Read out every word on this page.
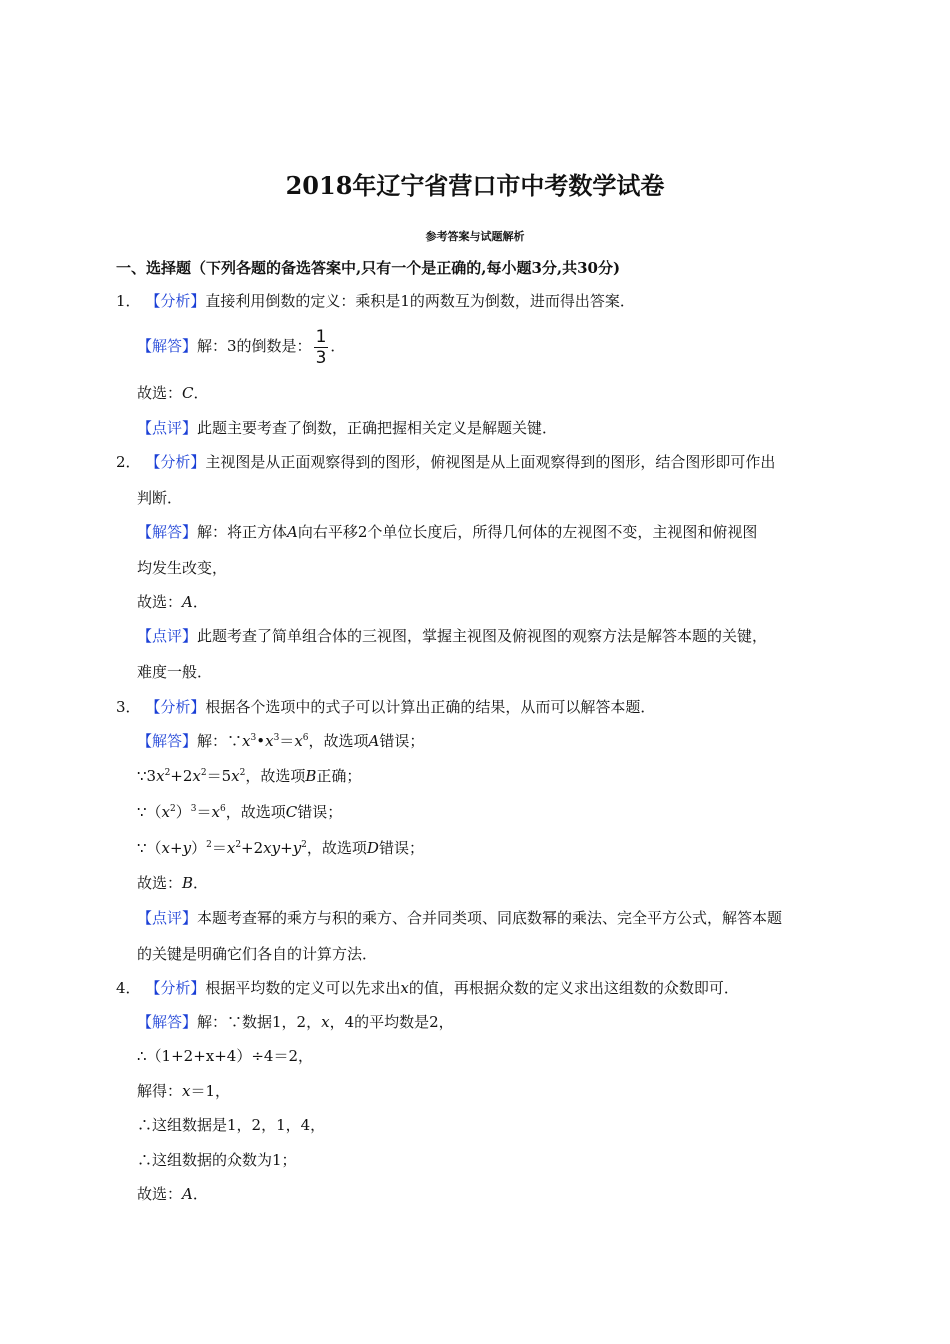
2018年辽宁省营口市中考数学试卷
参考答案与试题解析
一、选择题（下列各题的备选答案中,只有一个是正确的,每小题3分,共30分)
1． 【分析】直接利用倒数的定义：乘积是1的两数互为倒数，进而得出答案．
【解答】解：3的倒数是： $\frac{1}{3}$ ．
故选：C．
【点评】此题主要考查了倒数，正确把握相关定义是解题关键．
2． 【分析】主视图是从正面观察得到的图形，俯视图是从上面观察得到的图形，结合图形即可作出
判断．
【解答】解：将正方体A向右平移2个单位长度后，所得几何体的左视图不变，主视图和俯视图
均发生改变，
故选：A．
【点评】此题考查了简单组合体的三视图，掌握主视图及俯视图的观察方法是解答本题的关键，
难度一般．
3． 【分析】根据各个选项中的式子可以计算出正确的结果，从而可以解答本题．
【解答】解：$\because x^3•x^3=x^6$，故选项A错误；
$\because 3x^2+2x^2=5x^2$，故选项B正确；
$\because(x^2)^3=x^6$，故选项C错误；
$\because(x+y)^2=x^2+2xy+y^2$，故选项D错误；
故选：B．
【点评】本题考查幂的乘方与积的乘方、合并同类项、同底数幂的乘法、完全平方公式，解答本题
的关键是明确它们各自的计算方法．
4． 【分析】根据平均数的定义可以先求出x的值，再根据众数的定义求出这组数的众数即可．
【解答】解：∵数据1，2，x，4的平均数是2，
∴（1+2+x+4）÷4＝2，
解得：x＝1，
∴这组数据是1，2，1，4，
∴这组数据的众数为1；
故选：A．
